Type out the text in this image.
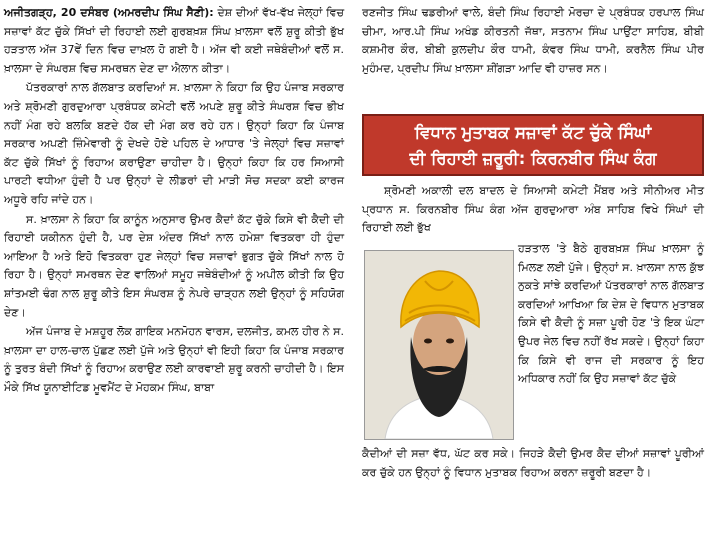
ਅਜੀਤਗੜ੍ਹ, 20 ਦਸੰਬਰ (ਅਮਰਦੀਪ ਸਿੰਘ ਸੈਣੀ): ਦੇਸ਼ ਦੀਆਂ ਵੱਖ-ਵੱਖ ਜੇਲ੍ਹਾਂ ਵਿਚ ਸਜ਼ਾਵਾਂ ਕੱਟ ਚੁੱਕੇ ਸਿੱਖਾਂ ਦੀ ਰਿਹਾਈ ਲਈ ਗੁਰਬਖ਼ਸ਼ ਸਿੰਘ ਖ਼ਾਲਸਾ ਵਲੋਂ ਸ਼ੁਰੂ ਕੀਤੀ ਭੁੱਖ ਹੜਤਾਲ ਅੱਜ 37ਵੇਂ ਦਿਨ ਵਿਚ ਦਾਖ਼ਲ ਹੋ ਗਈ ਹੈ। ਅੱਜ ਵੀ ਕਈ ਜਥੇਬੰਦੀਆਂ ਵਲੋਂ ਸ. ਖ਼ਾਲਸਾ ਦੇ ਸੰਘਰਸ਼ ਵਿਚ ਸਮਰਥਨ ਦੇਣ ਦਾ ਐਲਾਨ ਕੀਤਾ।

ਪੱਤਰਕਾਰਾਂ ਨਾਲ ਗੱਲਬਾਤ ਕਰਦਿਆਂ ਸ. ਖ਼ਾਲਸਾ ਨੇ ਕਿਹਾ ਕਿ ਉਹ ਪੰਜਾਬ ਸਰਕਾਰ ਅਤੇ ਸ਼੍ਰੋਮਣੀ ਗੁਰਦੁਆਰਾ ਪ੍ਰਬੰਧਕ ਕਮੇਟੀ ਵਲੋਂ ਅਪਣੇ ਸ਼ੁਰੂ ਕੀਤੇ ਸੰਘਰਸ਼ ਵਿਚ ਭੀਖ ਨਹੀਂ ਮੰਗ ਰਹੇ ਬਲਕਿ ਬਣਦੇ ਹੱਕ ਦੀ ਮੰਗ ਕਰ ਰਹੇ ਹਨ। ਉਨ੍ਹਾਂ ਕਿਹਾ ਕਿ ਪੰਜਾਬ ਸਰਕਾਰ ਅਪਣੀ ਜ਼ਿੰਮੇਵਾਰੀ ਨੂੰ ਦੇਖਦੇ ਹੋਏ ਪਹਿਲ ਦੇ ਆਧਾਰ 'ਤੇ ਜੇਲ੍ਹਾਂ ਵਿਚ ਸਜ਼ਾਵਾਂ ਕੱਟ ਚੁੱਕੇ ਸਿੱਖਾਂ ਨੂੰ ਰਿਹਾਅ ਕਰਾਉਣਾ ਚਾਹੀਦਾ ਹੈ। ਉਨ੍ਹਾਂ ਕਿਹਾ ਕਿ ਹਰ ਸਿਆਸੀ ਪਾਰਟੀ ਵਧੀਆ ਹੁੰਦੀ ਹੈ ਪਰ ਉਨ੍ਹਾਂ ਦੇ ਲੀਡਰਾਂ ਦੀ ਮਾੜੀ ਸੋਚ ਸਦਕਾ ਕਈ ਕਾਰਜ ਅਧੂਰੇ ਰਹਿ ਜਾਂਦੇ ਹਨ।

ਸ. ਖ਼ਾਲਸਾ ਨੇ ਕਿਹਾ ਕਿ ਕਾਨੂੰਨ ਅਨੁਸਾਰ ਉਮਰ ਕੈਦਾਂ ਕੱਟ ਚੁੱਕੇ ਕਿਸੇ ਵੀ ਕੈਦੀ ਦੀ ਰਿਹਾਈ ਯਕੀਨਨ ਹੁੰਦੀ ਹੈ, ਪਰ ਦੇਸ਼ ਅੰਦਰ ਸਿੱਖਾਂ ਨਾਲ ਹਮੇਸ਼ਾ ਵਿਤਕਰਾ ਹੀ ਹੁੰਦਾ ਆਇਆ ਹੈ ਅਤੇ ਇਹੋ ਵਿਤਕਰਾ ਹੁਣ ਜੇਲ੍ਹਾਂ ਵਿਚ ਸਜ਼ਾਵਾਂ ਭੁਗਤ ਚੁੱਕੇ ਸਿੱਖਾਂ ਨਾਲ ਹੋ ਰਿਹਾ ਹੈ। ਉਨ੍ਹਾਂ ਸਮਰਥਨ ਦੇਣ ਵਾਲਿਆਂ ਸਮੂਹ ਜਥੇਬੰਦੀਆਂ ਨੂੰ ਅਪੀਲ ਕੀਤੀ ਕਿ ਉਹ ਸ਼ਾਂਤਮਈ ਢੰਗ ਨਾਲ ਸ਼ੁਰੂ ਕੀਤੇ ਇਸ ਸੰਘਰਸ਼ ਨੂੰ ਨੇਪਰੇ ਚਾੜ੍ਹਨ ਲਈ ਉਨ੍ਹਾਂ ਨੂੰ ਸਹਿਯੋਗ ਦੇਣ।

ਅੱਜ ਪੰਜਾਬ ਦੇ ਮਸ਼ਹੂਰ ਲੋਕ ਗਾਇਕ ਮਨਮੋਹਨ ਵਾਰਸ, ਦਲਜੀਤ, ਕਮਲ ਹੀਰ ਨੇ ਸ. ਖ਼ਾਲਸਾ ਦਾ ਹਾਲ-ਚਾਲ ਪੁੱਛਣ ਲਈ ਪੁੱਜੇ ਅਤੇ ਉਨ੍ਹਾਂ ਵੀ ਇਹੀ ਕਿਹਾ ਕਿ ਪੰਜਾਬ ਸਰਕਾਰ ਨੂੰ ਤੁਰਤ ਬੰਦੀ ਸਿੱਖਾਂ ਨੂੰ ਰਿਹਾਅ ਕਰਾਉਣ ਲਈ ਕਾਰਵਾਈ ਸ਼ੁਰੂ ਕਰਨੀ ਚਾਹੀਦੀ ਹੈ। ਇਸ ਮੌਕੇ ਸਿੱਖ ਯੂਨਾਈਟਿਡ ਮੂਵਮੈਂਟ ਦੇ ਮੋਹਕਮ ਸਿੰਘ, ਬਾਬਾ

ਰਣਜੀਤ ਸਿੰਘ ਢਡਰੀਆਂ ਵਾਲੇ, ਬੰਦੀ ਸਿੰਘ ਰਿਹਾਈ ਮੋਰਚਾ ਦੇ ਪ੍ਰਬੰਧਕ ਹਰਪਾਲ ਸਿੰਘ ਚੀਮਾ, ਆਰ.ਪੀ ਸਿੰਘ ਅਖੰਡ ਕੀਰਤਨੀ ਜੱਥਾ, ਸਤਨਾਮ ਸਿੰਘ ਪਾਉਂਟਾ ਸਾਹਿਬ, ਬੀਬੀ ਕਸ਼ਮੀਰ ਕੌਰ, ਬੀਬੀ ਕੁਲਦੀਪ ਕੌਰ ਧਾਮੀ, ਕੰਵਰ ਸਿੰਘ ਧਾਮੀ, ਕਰਨੈਲ ਸਿੰਘ ਪੀਰ ਮੁਹੰਮਦ, ਪ੍ਰਦੀਪ ਸਿੰਘ ਖ਼ਾਲਸਾ ਸ਼ੀਂਗੜਾ ਆਦਿ ਵੀ ਹਾਜ਼ਰ ਸਨ।

ਵਿਧਾਨ ਮੁਤਾਬਕ ਸਜ਼ਾਵਾਂ ਕੱਟ ਚੁੱਕੇ ਸਿੰਘਾਂ
ਦੀ ਰਿਹਾਈ ਜ਼ਰੂਰੀ: ਕਿਰਨਬੀਰ ਸਿੰਘ ਕੰਗ

ਸ਼੍ਰੋਮਣੀ ਅਕਾਲੀ ਦਲ ਬਾਦਲ ਦੇ ਸਿਆਸੀ ਕਮੇਟੀ ਮੈਂਬਰ ਅਤੇ ਸੀਨੀਅਰ ਮੀਤ ਪ੍ਰਧਾਨ ਸ. ਕਿਰਨਬੀਰ ਸਿੰਘ ਕੰਗ ਅੱਜ ਗੁਰਦੁਆਰਾ ਅੰਬ ਸਾਹਿਬ ਵਿਖੇ ਸਿੰਘਾਂ ਦੀ ਰਿਹਾਈ ਲਈ ਭੁੱਖ

ਹੜਤਾਲ 'ਤੇ ਬੈਠੇ ਗੁਰਬਖ਼ਸ਼ ਸਿੰਘ ਖ਼ਾਲਸਾ ਨੂੰ ਮਿਲਣ ਲਈ ਪੁੱਜੇ। ਉਨ੍ਹਾਂ ਸ. ਖ਼ਾਲਸਾ ਨਾਲ ਕੁੱਝ ਨੁਕਤੇ ਸਾਂਝੇ ਕਰਦਿਆਂ ਪੱਤਰਕਾਰਾਂ ਨਾਲ ਗੱਲਬਾਤ ਕਰਦਿਆਂ ਆਖਿਆ ਕਿ ਦੇਸ਼ ਦੇ ਵਿਧਾਨ ਮੁਤਾਬਕ ਕਿਸੇ ਵੀ ਕੈਦੀ ਨੂੰ ਸਜ਼ਾ ਪੂਰੀ ਹੋਣ 'ਤੇ ਇਕ ਘੰਟਾ ਉਪਰ ਜੇਲ ਵਿਚ ਨਹੀਂ ਰੱਖ ਸਕਦੇ। ਉਨ੍ਹਾਂ ਕਿਹਾ ਕਿ ਕਿਸੇ ਵੀ ਰਾਜ ਦੀ ਸਰਕਾਰ ਨੂੰ ਇਹ ਅਧਿਕਾਰ ਨਹੀਂ ਕਿ ਉਹ ਸਜ਼ਾਵਾਂ ਕੱਟ ਚੁੱਕੇ

ਕੈਦੀਆਂ ਦੀ ਸਜ਼ਾ ਵੱਧ, ਘੱਟ ਕਰ ਸਕੇ। ਜਿਹੜੇ ਕੈਦੀ ਉਮਰ ਕੈਦ ਦੀਆਂ ਸਜ਼ਾਵਾਂ ਪੂਰੀਆਂ ਕਰ ਚੁੱਕੇ ਹਨ ਉਨ੍ਹਾਂ ਨੂੰ ਵਿਧਾਨ ਮੁਤਾਬਕ ਰਿਹਾਅ ਕਰਨਾ ਜ਼ਰੂਰੀ ਬਣਦਾ ਹੈ।
